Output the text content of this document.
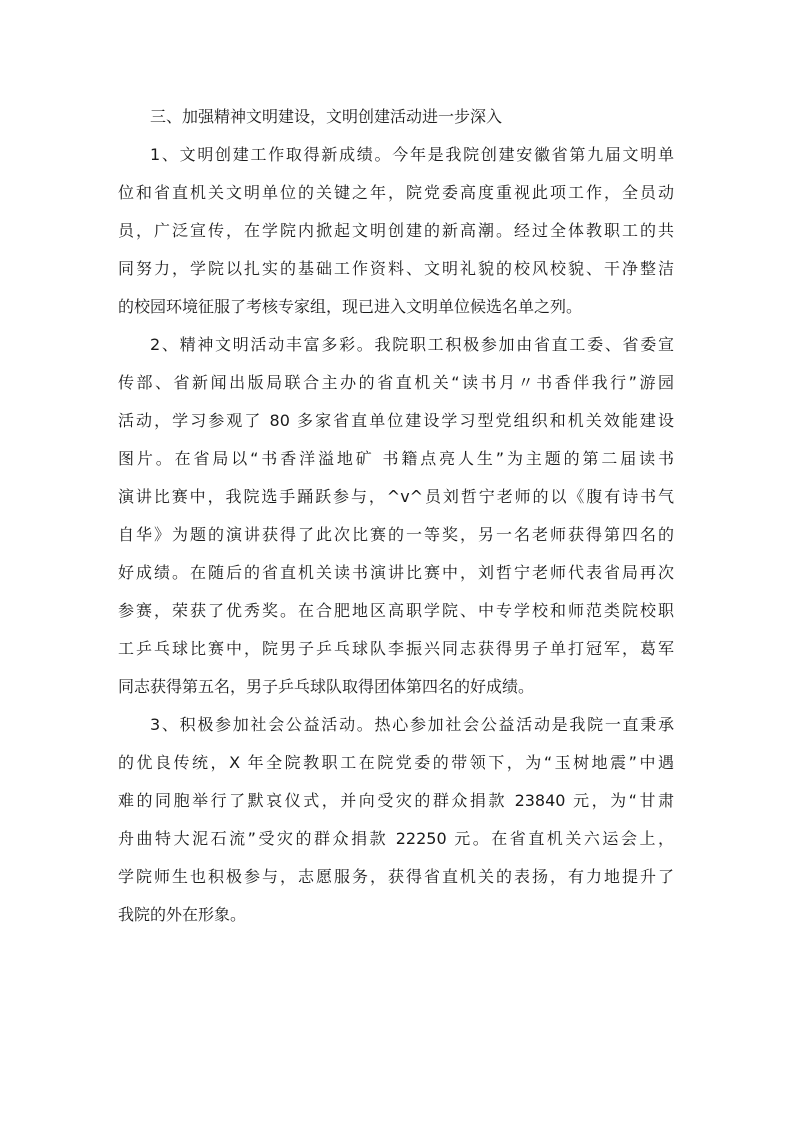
三、加强精神文明建设，文明创建活动进一步深入
1、文明创建工作取得新成绩。今年是我院创建安徽省第九届文明单
位和省直机关文明单位的关键之年，院党委高度重视此项工作，全员动
员，广泛宣传，在学院内掀起文明创建的新高潮。经过全体教职工的共
同努力，学院以扎实的基础工作资料、文明礼貌的校风校貌、干净整洁
的校园环境征服了考核专家组，现已进入文明单位候选名单之列。
2、精神文明活动丰富多彩。我院职工积极参加由省直工委、省委宣
传部、省新闻出版局联合主办的省直机关“读书月〃书香伴我行”游园
活动，学习参观了 80 多家省直单位建设学习型党组织和机关效能建设
图片。在省局以“书香洋溢地矿 书籍点亮人生”为主题的第二届读书
演讲比赛中，我院选手踊跃参与，^v^员刘哲宁老师的以《腹有诗书气
自华》为题的演讲获得了此次比赛的一等奖，另一名老师获得第四名的
好成绩。在随后的省直机关读书演讲比赛中，刘哲宁老师代表省局再次
参赛，荣获了优秀奖。在合肥地区高职学院、中专学校和师范类院校职
工乒乓球比赛中，院男子乒乓球队李振兴同志获得男子单打冠军，葛军
同志获得第五名，男子乒乓球队取得团体第四名的好成绩。
3、积极参加社会公益活动。热心参加社会公益活动是我院一直秉承
的优良传统，X 年全院教职工在院党委的带领下，为“玉树地震”中遇
难的同胞举行了默哀仪式，并向受灾的群众捐款 23840 元，为“甘肃
舟曲特大泥石流”受灾的群众捐款 22250 元。在省直机关六运会上，
学院师生也积极参与，志愿服务，获得省直机关的表扬，有力地提升了
我院的外在形象。
